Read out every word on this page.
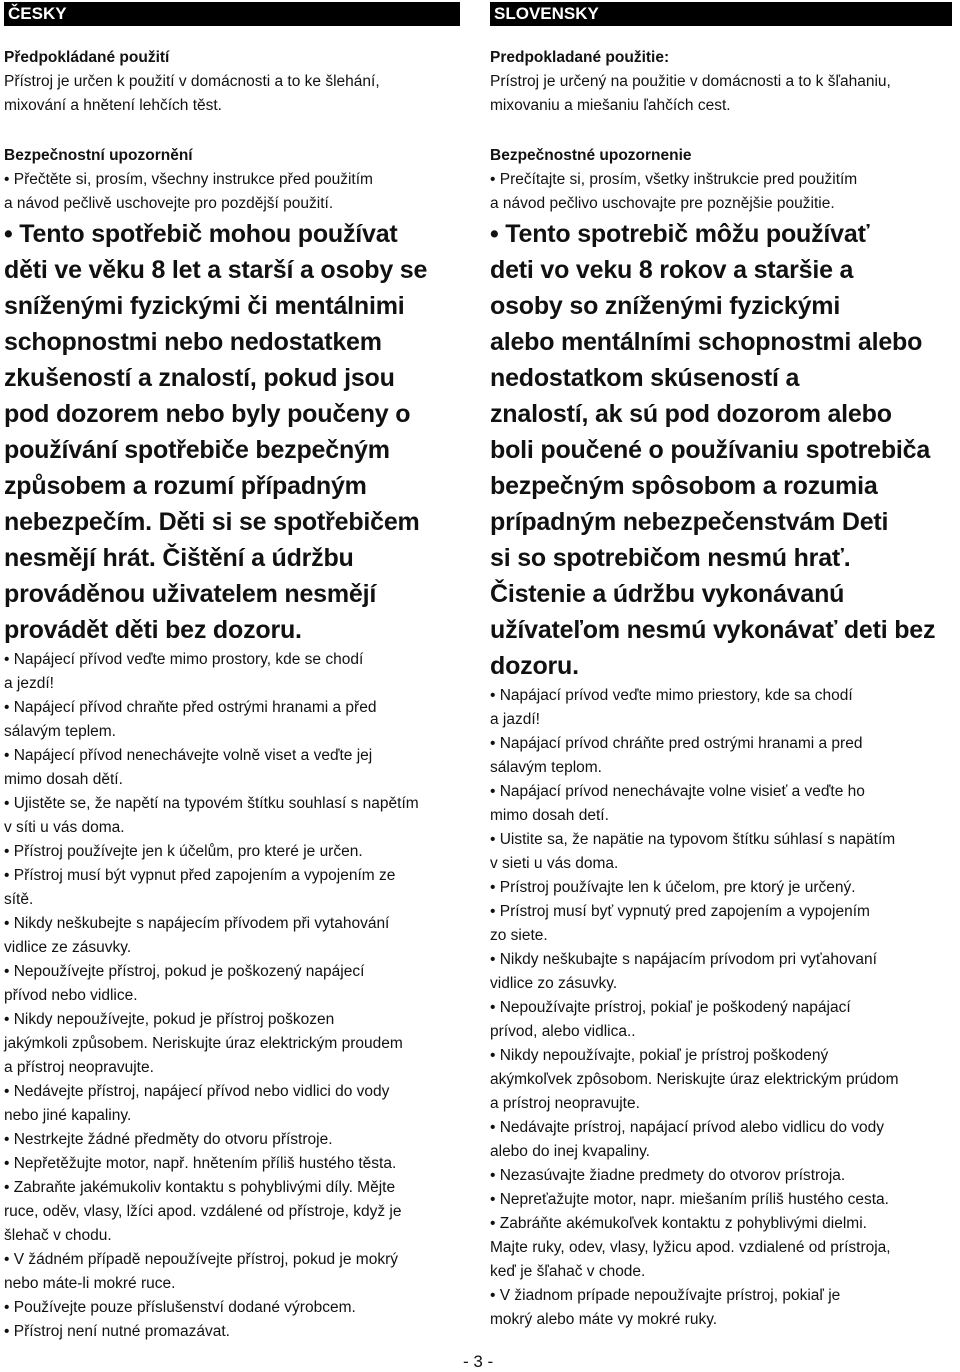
ČESKY

Předpokládané použití

Přístroj je určen k použití v domácnosti a to ke šlehání,

mixování a hnětení lehčích těst.

Bezpečnostní upozornění

• Přečtěte si, prosím, všechny instrukce před použitím

a návod pečlivě uschovejte pro pozdější použití.

• Tento spotřebič mohou používat

děti ve věku 8 let a starší a osoby se

sníženými fyzickými či mentálnimi

schopnostmi nebo nedostatkem

zkušeností a znalostí, pokud jsou

pod dozorem nebo byly poučeny o

používání spotřebiče bezpečným

způsobem a rozumí případným

nebezpečím. Děti si se spotřebičem

nesmějí hrát. Čištění a údržbu

prováděnou uživatelem nesmějí

provádět děti bez dozoru.

• Napájecí přívod veďte mimo prostory, kde se chodí

a jezdí!

• Napájecí přívod chraňte před ostrými hranami a před

sálavým teplem.

• Napájecí přívod nenechávejte volně viset a veďte jej

mimo dosah dětí.

• Ujistěte se, že napětí na typovém štítku souhlasí s napětím

v síti u vás doma.

• Přístroj používejte jen k účelům, pro které je určen.

• Přístroj musí být vypnut před zapojením a vypojením ze

sítě.

• Nikdy neškubejte s napájecím přívodem při vytahování

vidlice ze zásuvky.

• Nepoužívejte přístroj, pokud je poškozený napájecí

přívod nebo vidlice.

• Nikdy nepoužívejte, pokud je přístroj poškozen

jakýmkoli způsobem. Neriskujte úraz elektrickým proudem

a přístroj neopravujte.

• Nedávejte přístroj, napájecí přívod nebo vidlici do vody

nebo jiné kapaliny.

• Nestrkejte žádné předměty do otvoru přístroje.

• Nepřetěžujte motor, např. hnětením příliš hustého těsta.

• Zabraňte jakémukoliv kontaktu s pohyblivými díly. Mějte

ruce, oděv, vlasy, lžíci apod. vzdálené od přístroje, když je

šlehač v chodu.

• V žádném případě nepoužívejte přístroj, pokud je mokrý

nebo máte-li mokré ruce.

• Používejte pouze příslušenství dodané výrobcem.

• Přístroj není nutné promazávat.

SLOVENSKY

Predpokladané použitie:

Prístroj je určený na použitie v domácnosti a to k šľahaniu,

mixovaniu a miešaniu ľahčích cest.

Bezpečnostné upozornenie

• Prečítajte si, prosím, všetky inštrukcie pred použitím

a návod pečlivo uschovajte pre poznějšie použitie.

• Tento spotrebič môžu používať

deti vo veku 8 rokov a staršie a

osoby so zníženými fyzickými

alebo mentálními schopnostmi alebo

nedostatkom skúseností a

znalostí, ak sú pod dozorom alebo

boli poučené o používaniu spotrebiča

bezpečným spôsobom a rozumia

prípadným nebezpečenstvám Deti

si so spotrebičom nesmú hrať.

Čistenie a údržbu vykonávanú

užívateľom nesmú vykonávať deti bez

dozoru.

• Napájací prívod veďte mimo priestory, kde sa chodí

a jazdí!

• Napájací prívod chráňte pred ostrými hranami a pred

sálavým teplom.

• Napájací prívod nenechávajte volne visieť a veďte ho

mimo dosah detí.

• Uistite sa, že napätie na typovom štítku súhlasí s napätím

v sieti u vás doma.

• Prístroj používajte len k účelom, pre ktorý je určený.

• Prístroj musí byť vypnutý pred zapojením a vypojením

zo siete.

• Nikdy neškubajte s napájacím prívodom pri vyťahovaní

vidlice zo zásuvky.

• Nepoužívajte prístroj, pokiaľ je poškodený napájací

prívod, alebo vidlica..

• Nikdy nepoužívajte, pokiaľ je prístroj poškodený

akýmkoľvek zpôsobom. Neriskujte úraz elektrickým prúdom

a prístroj neopravujte.

• Nedávajte prístroj, napájací prívod alebo vidlicu do vody

alebo do inej kvapaliny.

• Nezasúvajte žiadne predmety do otvorov prístroja.

• Nepreťažujte motor, napr. miešaním príliš hustého cesta.

• Zabráňte akémukoľvek kontaktu z pohyblivými dielmi.

Majte ruky, odev, vlasy, lyžicu apod. vzdialené od prístroja,

keď je šľahač v chode.

• V žiadnom prípade nepoužívajte prístroj, pokiaľ je

mokrý alebo máte vy mokré ruky.

- 3 -
